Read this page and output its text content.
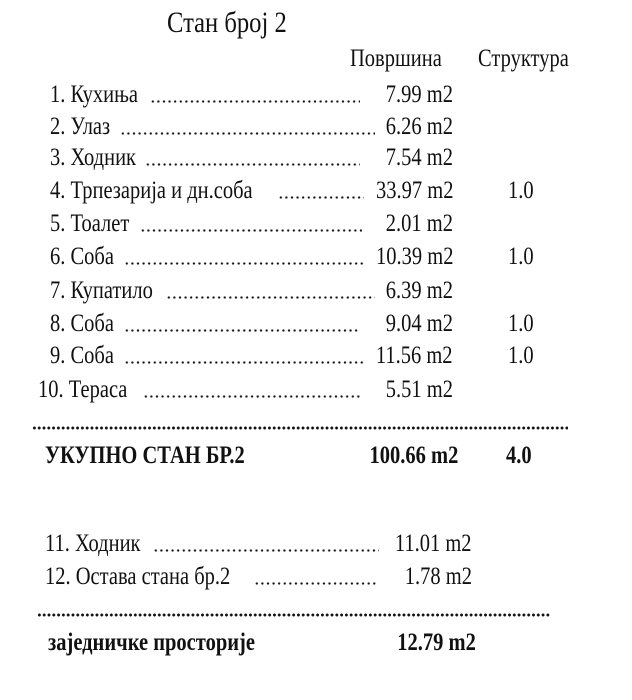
Стан број 2
Површина Структура
1. Кухиња	7.99 m2
2. Улаз	6.26 m2
3. Ходник	7.54 m2
4. Трпезарија и дн.соба	33.97 m2 1.0
5. Тоалет	2.01 m2
6. Соба	10.39 m2 1.0
7. Купатило	6.39 m2
8. Соба	9.04 m2 1.0
9. Соба	11.56 m2 1.0
10. Тераса	5.51 m2
УКУПНО СТАН БР.2	100.66 m2 4.0
11. Ходник	11.01 m2
12. Остава стана бр.2	1.78 m2
заједничке просторије	12.79 m2
